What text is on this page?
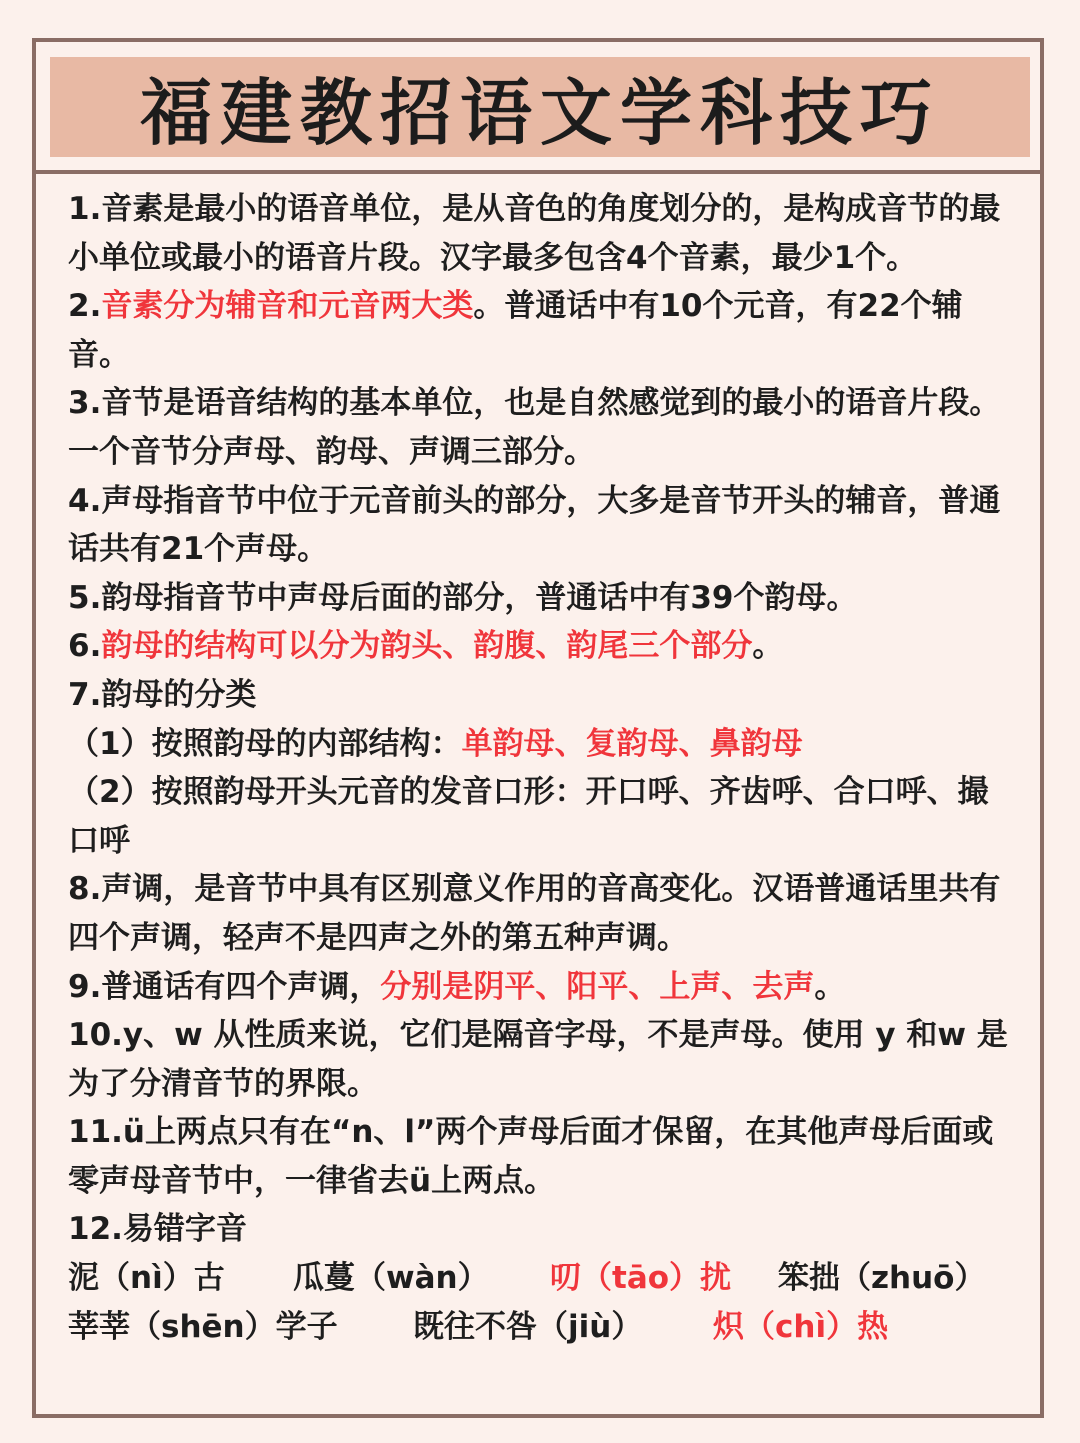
福建教招语文学科技巧

1.音素是最小的语音单位，是从音色的角度划分的，是构成音节的最小单位或最小的语音片段。汉字最多包含4个音素，最少1个。

2.音素分为辅音和元音两大类。普通话中有10个元音，有22个辅音。

3.音节是语音结构的基本单位，也是自然感觉到的最小的语音片段。一个音节分声母、韵母、声调三部分。

4.声母指音节中位于元音前头的部分，大多是音节开头的辅音，普通话共有21个声母。

5.韵母指音节中声母后面的部分，普通话中有39个韵母。

6.韵母的结构可以分为韵头、韵腹、韵尾三个部分。

7.韵母的分类

（1）按照韵母的内部结构：单韵母、复韵母、鼻韵母

（2）按照韵母开头元音的发音口形：开口呼、齐齿呼、合口呼、撮口呼

8.声调，是音节中具有区别意义作用的音高变化。汉语普通话里共有四个声调，轻声不是四声之外的第五种声调。

9.普通话有四个声调，分别是阴平、阳平、上声、去声。

10.y、w 从性质来说，它们是隔音字母，不是声母。使用 y 和w 是为了分清音节的界限。

11.ü上两点只有在“n、l”两个声母后面才保留，在其他声母后面或零声母音节中，一律省去ü上两点。

12.易错字音

泥（nì）古	瓜蔓（wàn）	叨（tāo）扰	笨拙（zhuō）
莘莘（shēn）学子	既往不咎（jiù）	炽（chì）热
